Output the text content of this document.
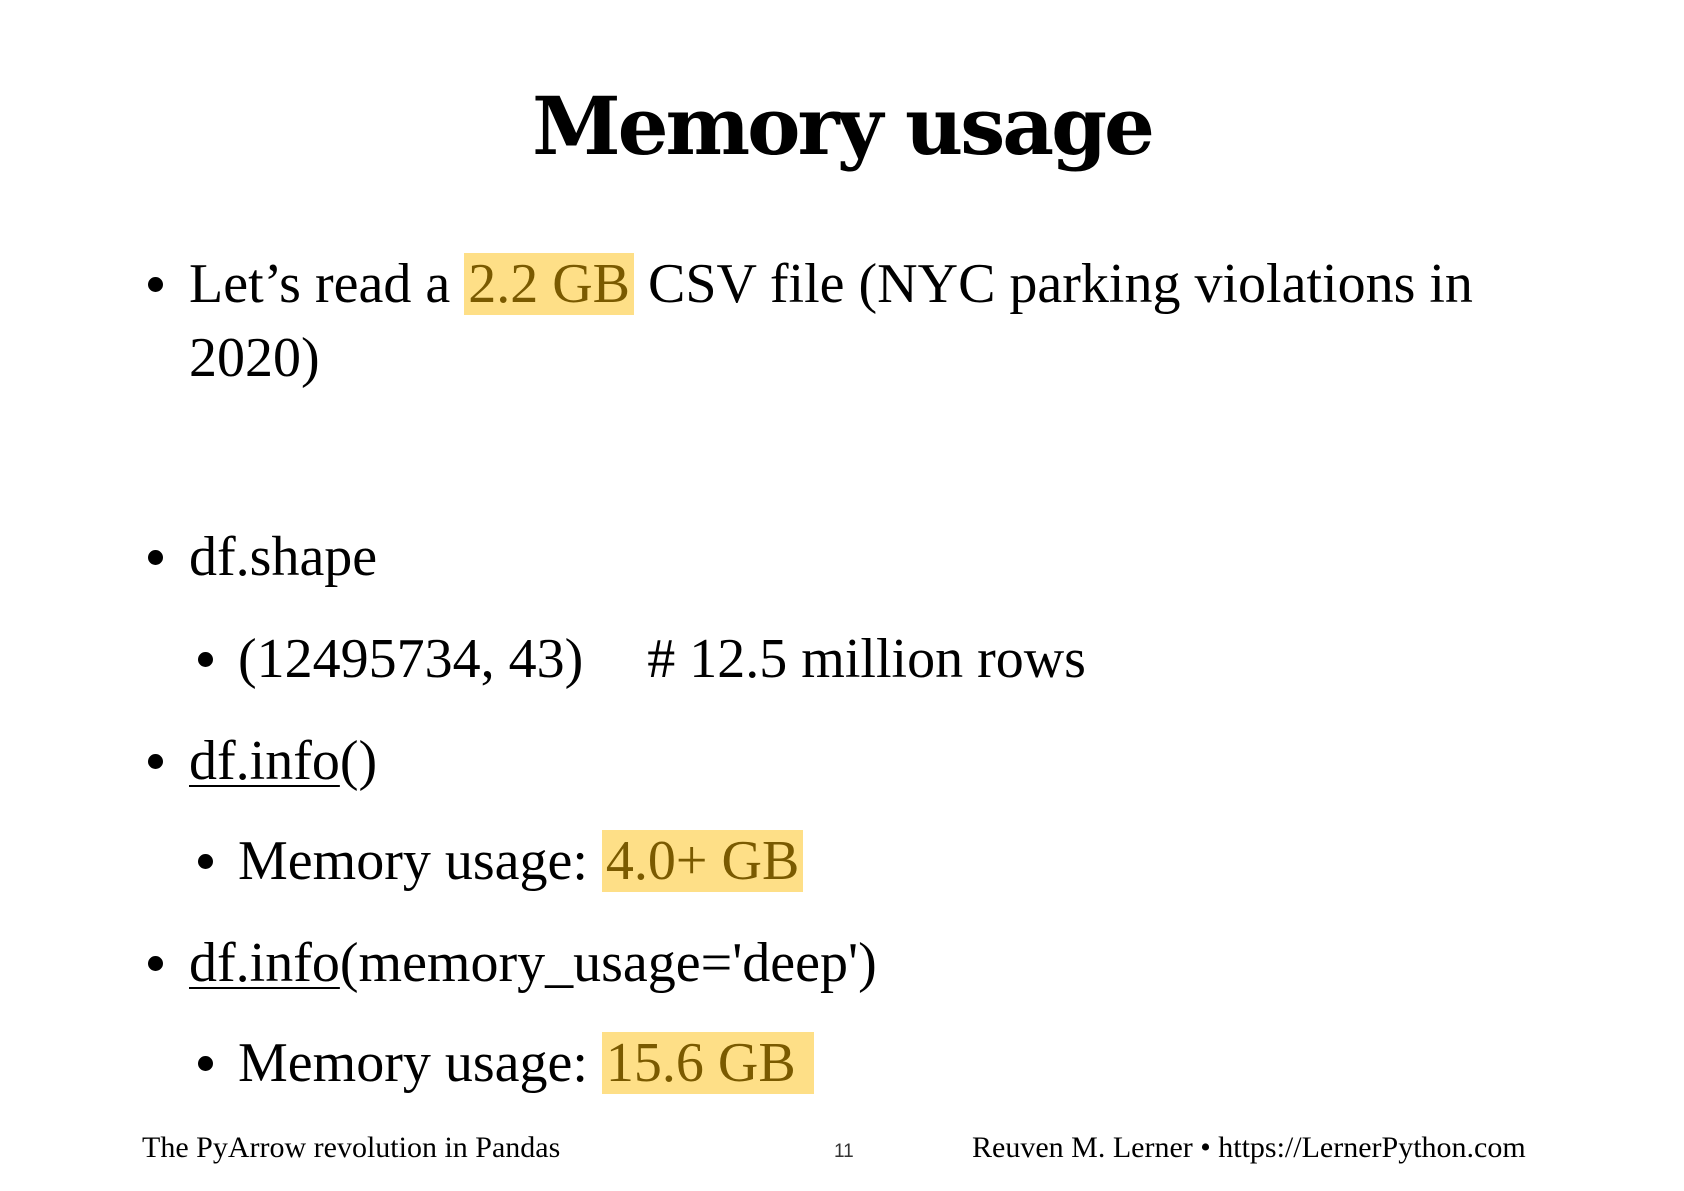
Memory usage
Let’s read a 2.2 GB CSV file (NYC parking violations in
2020)
df.shape
(12495734, 43) # 12.5 million rows
df.info()
Memory usage: 4.0+ GB
df.info(memory_usage='deep')
Memory usage: 15.6 GB
The PyArrow revolution in Pandas	11	Reuven M. Lerner • https://LernerPython.com
